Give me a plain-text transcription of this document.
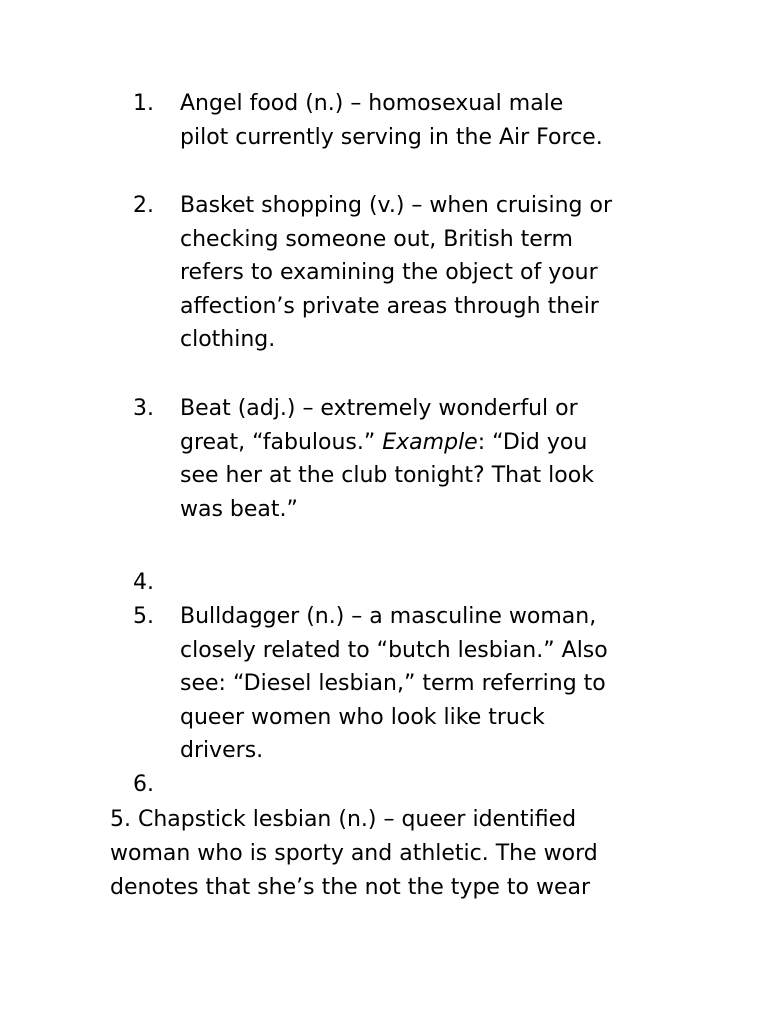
1. Angel food (n.) – homosexual male
pilot currently serving in the Air Force.
2. Basket shopping (v.) – when cruising or
checking someone out, British term
refers to examining the object of your
affection’s private areas through their
clothing.
3. Beat (adj.) – extremely wonderful or
great, “fabulous.” Example: “Did you
see her at the club tonight? That look
was beat.”
4.
5. Bulldagger (n.) – a masculine woman,
closely related to “butch lesbian.” Also
see: “Diesel lesbian,” term referring to
queer women who look like truck
drivers.
6.
5. Chapstick lesbian (n.) – queer identified
woman who is sporty and athletic. The word
denotes that she’s the not the type to wear
